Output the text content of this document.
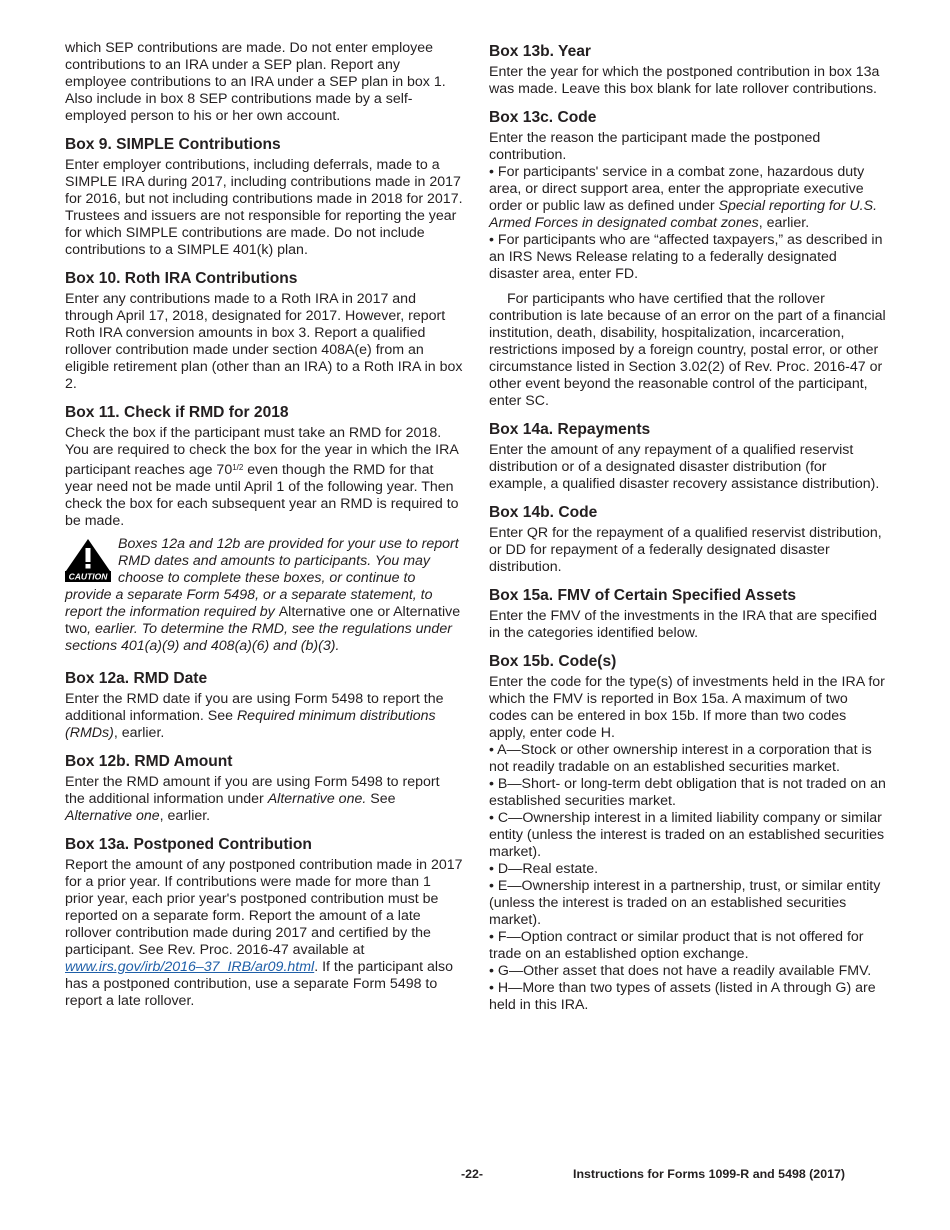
which SEP contributions are made. Do not enter employee contributions to an IRA under a SEP plan. Report any employee contributions to an IRA under a SEP plan in box 1. Also include in box 8 SEP contributions made by a self-employed person to his or her own account.

Box 9. SIMPLE Contributions

Enter employer contributions, including deferrals, made to a SIMPLE IRA during 2017, including contributions made in 2017 for 2016, but not including contributions made in 2018 for 2017. Trustees and issuers are not responsible for reporting the year for which SIMPLE contributions are made. Do not include contributions to a SIMPLE 401(k) plan.

Box 10. Roth IRA Contributions

Enter any contributions made to a Roth IRA in 2017 and through April 17, 2018, designated for 2017. However, report Roth IRA conversion amounts in box 3. Report a qualified rollover contribution made under section 408A(e) from an eligible retirement plan (other than an IRA) to a Roth IRA in box 2.

Box 11. Check if RMD for 2018

Check the box if the participant must take an RMD for 2018. You are required to check the box for the year in which the IRA participant reaches age $70^{1/2}$ even though the RMD for that year need not be made until April 1 of the following year. Then check the box for each subsequent year an RMD is required to be made.

CAUTION
Boxes 12a and 12b are provided for your use to report RMD dates and amounts to participants. You may choose to complete these boxes, or continue to provide a separate Form 5498, or a separate statement, to report the information required by Alternative one or Alternative two, earlier. To determine the RMD, see the regulations under sections 401(a)(9) and 408(a)(6) and (b)(3).
Box 12a. RMD Date

Enter the RMD date if you are using Form 5498 to report the additional information. See Required minimum distributions (RMDs), earlier.

Box 12b. RMD Amount

Enter the RMD amount if you are using Form 5498 to report the additional information under Alternative one. See Alternative one, earlier.

Box 13a. Postponed Contribution

Report the amount of any postponed contribution made in 2017 for a prior year. If contributions were made for more than 1 prior year, each prior year's postponed contribution must be reported on a separate form. Report the amount of a late rollover contribution made during 2017 and certified by the participant. See Rev. Proc. 2016-47 available at www.irs.gov/irb/2016–37_IRB/ar09.html. If the participant also has a postponed contribution, use a separate Form 5498 to report a late rollover.

Box 13b. Year

Enter the year for which the postponed contribution in box 13a was made. Leave this box blank for late rollover contributions.

Box 13c. Code

Enter the reason the participant made the postponed contribution.

• For participants' service in a combat zone, hazardous duty area, or direct support area, enter the appropriate executive order or public law as defined under Special reporting for U.S. Armed Forces in designated combat zones, earlier.

• For participants who are “affected taxpayers,” as described in an IRS News Release relating to a federally designated disaster area, enter FD.

For participants who have certified that the rollover contribution is late because of an error on the part of a financial institution, death, disability, hospitalization, incarceration, restrictions imposed by a foreign country, postal error, or other circumstance listed in Section 3.02(2) of Rev. Proc. 2016-47 or other event beyond the reasonable control of the participant, enter SC.

Box 14a. Repayments

Enter the amount of any repayment of a qualified reservist distribution or of a designated disaster distribution (for example, a qualified disaster recovery assistance distribution).

Box 14b. Code

Enter QR for the repayment of a qualified reservist distribution, or DD for repayment of a federally designated disaster distribution.

Box 15a. FMV of Certain Specified Assets

Enter the FMV of the investments in the IRA that are specified in the categories identified below.

Box 15b. Code(s)

Enter the code for the type(s) of investments held in the IRA for which the FMV is reported in Box 15a. A maximum of two codes can be entered in box 15b. If more than two codes apply, enter code H.

• A—Stock or other ownership interest in a corporation that is not readily tradable on an established securities market.

• B—Short- or long-term debt obligation that is not traded on an established securities market.

• C—Ownership interest in a limited liability company or similar entity (unless the interest is traded on an established securities market).

• D—Real estate.

• E—Ownership interest in a partnership, trust, or similar entity (unless the interest is traded on an established securities market).

• F—Option contract or similar product that is not offered for trade on an established option exchange.

• G—Other asset that does not have a readily available FMV.

• H—More than two types of assets (listed in A through G) are held in this IRA.

-22-	Instructions for Forms 1099-R and 5498 (2017)
